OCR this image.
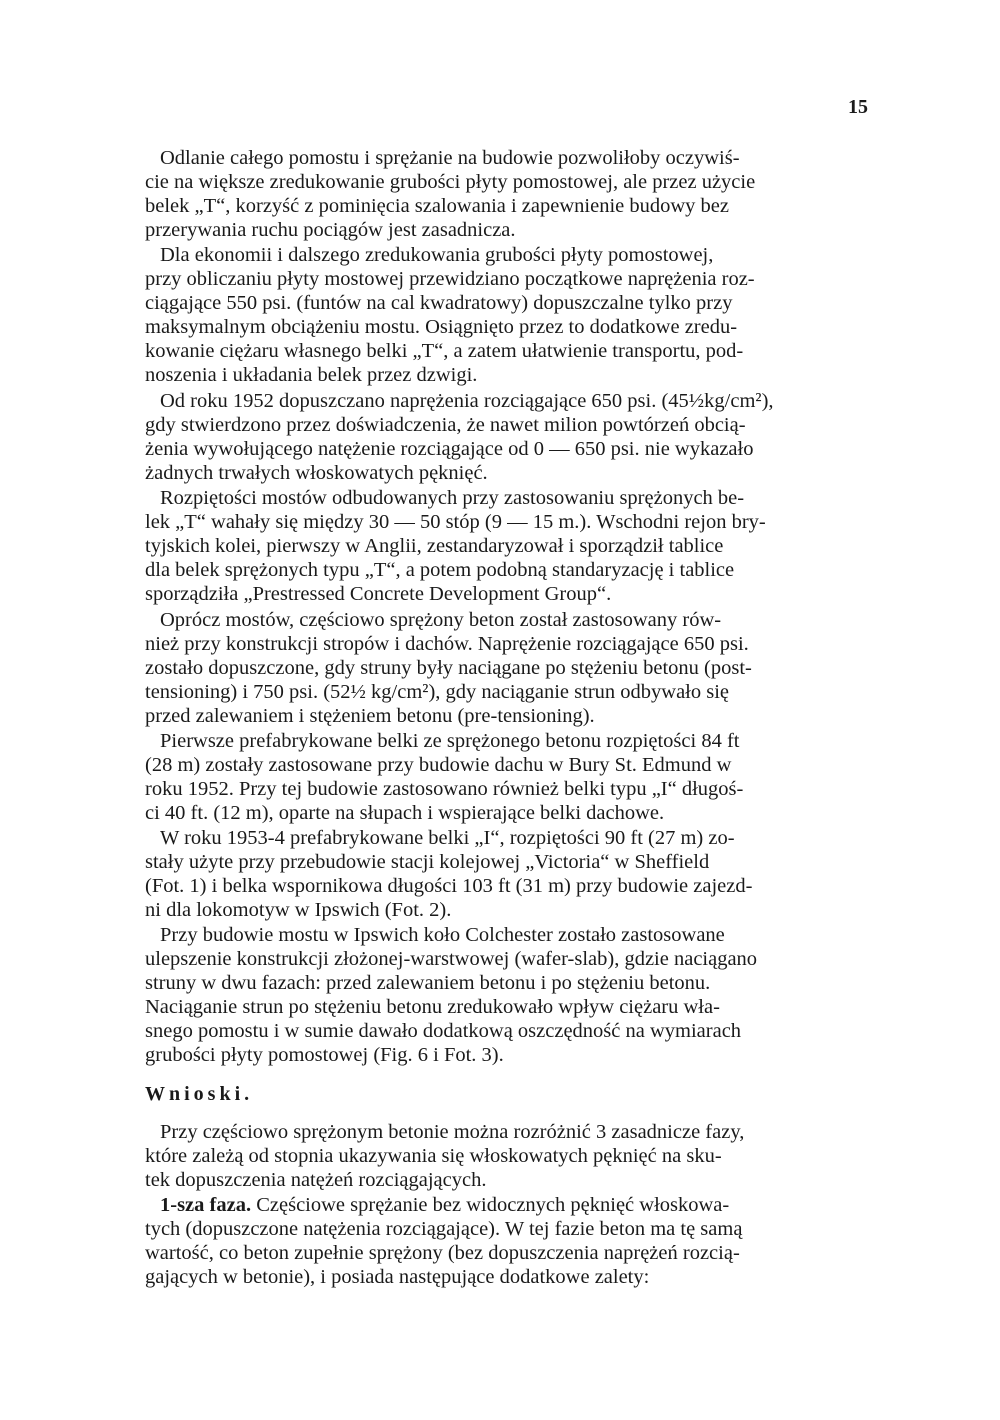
15
Odlanie całego pomostu i sprężanie na budowie pozwoliłoby oczywiś-
cie na większe zredukowanie grubości płyty pomostowej, ale przez użycie
belek „T“, korzyść z pominięcia szalowania i zapewnienie budowy bez
przerywania ruchu pociągów jest zasadnicza.
Dla ekonomii i dalszego zredukowania grubości płyty pomostowej,
przy obliczaniu płyty mostowej przewidziano początkowe naprężenia roz-
ciągające 550 psi. (funtów na cal kwadratowy) dopuszczalne tylko przy
maksymalnym obciążeniu mostu. Osiągnięto przez to dodatkowe zredu-
kowanie ciężaru własnego belki „T“, a zatem ułatwienie transportu, pod-
noszenia i układania belek przez dzwigi.
Od roku 1952 dopuszczano naprężenia rozciągające 650 psi. (45½kg/cm²),
gdy stwierdzono przez doświadczenia, że nawet milion powtórzeń obcią-
żenia wywołującego natężenie rozciągające od 0 — 650 psi. nie wykazało
żadnych trwałych włoskowatych pęknięć.
Rozpiętości mostów odbudowanych przy zastosowaniu sprężonych be-
lek „T“ wahały się między 30 — 50 stóp (9 — 15 m.). Wschodni rejon bry-
tyjskich kolei, pierwszy w Anglii, zestandaryzował i sporządził tablice
dla belek sprężonych typu „T“, a potem podobną standaryzację i tablice
sporządziła „Prestressed Concrete Development Group“.
Oprócz mostów, częściowo sprężony beton został zastosowany rów-
nież przy konstrukcji stropów i dachów. Naprężenie rozciągające 650 psi.
zostało dopuszczone, gdy struny były naciągane po stężeniu betonu (post-
tensioning) i 750 psi. (52½ kg/cm²), gdy naciąganie strun odbywało się
przed zalewaniem i stężeniem betonu (pre-tensioning).
Pierwsze prefabrykowane belki ze sprężonego betonu rozpiętości 84 ft
(28 m) zostały zastosowane przy budowie dachu w Bury St. Edmund w
roku 1952. Przy tej budowie zastosowano również belki typu „I“ długoś-
ci 40 ft. (12 m), oparte na słupach i wspierające belki dachowe.
W roku 1953-4 prefabrykowane belki „I“, rozpiętości 90 ft (27 m) zo-
stały użyte przy przebudowie stacji kolejowej „Victoria“ w Sheffield
(Fot. 1) i belka wspornikowa długości 103 ft (31 m) przy budowie zajezd-
ni dla lokomotyw w Ipswich (Fot. 2).
Przy budowie mostu w Ipswich koło Colchester zostało zastosowane
ulepszenie konstrukcji złożonej-warstwowej (wafer-slab), gdzie naciągano
struny w dwu fazach: przed zalewaniem betonu i po stężeniu betonu.
Naciąganie strun po stężeniu betonu zredukowało wpływ ciężaru wła-
snego pomostu i w sumie dawało dodatkową oszczędność na wymiarach
grubości płyty pomostowej (Fig. 6 i Fot. 3).
Wnioski.
Przy częściowo sprężonym betonie można rozróżnić 3 zasadnicze fazy,
które zależą od stopnia ukazywania się włoskowatych pęknięć na sku-
tek dopuszczenia natężeń rozciągających.
1-sza faza. Częściowe sprężanie bez widocznych pęknięć włoskowa-
tych (dopuszczone natężenia rozciągające). W tej fazie beton ma tę samą
wartość, co beton zupełnie sprężony (bez dopuszczenia naprężeń rozcią-
gających w betonie), i posiada następujące dodatkowe zalety:
